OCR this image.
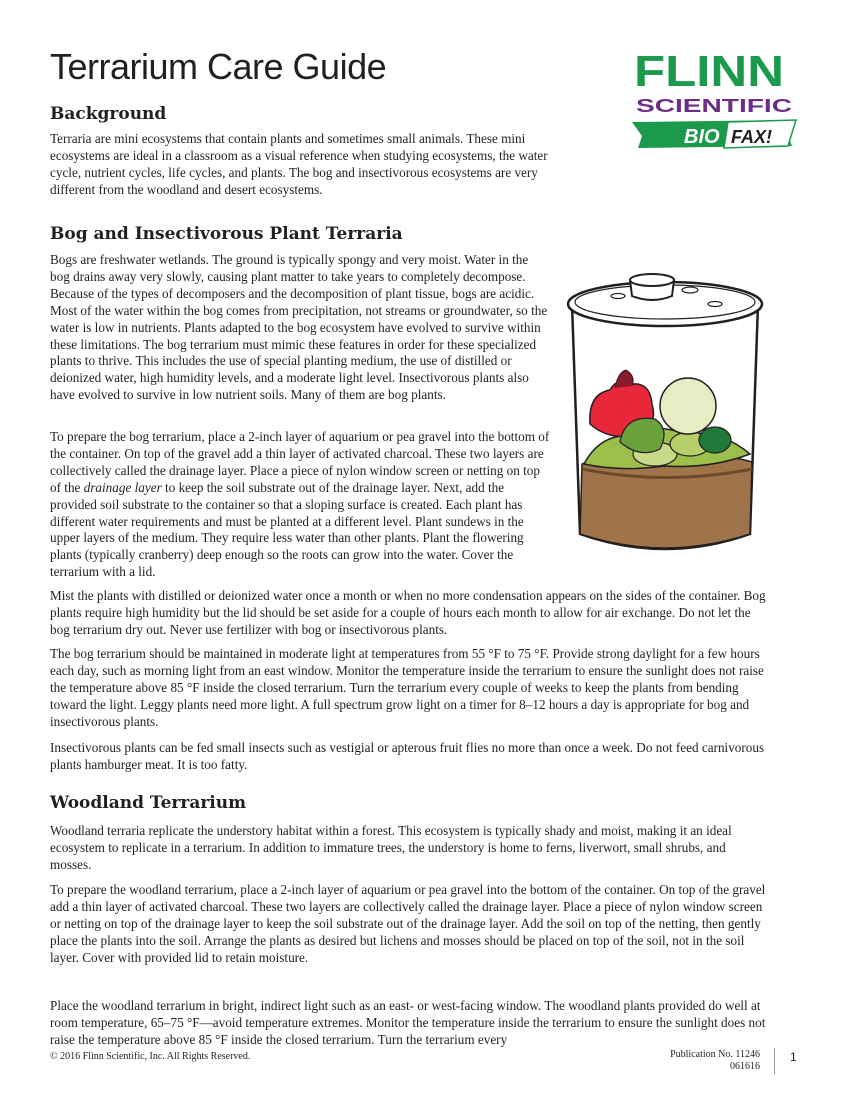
Terrarium Care Guide	FLINN
SCIENTIFIC
BIO FAX!
Background

Terraria are mini ecosystems that contain plants and sometimes small animals. These mini ecosystems are ideal in a classroom as a visual reference when studying ecosystems, the water cycle, nutrient cycles, life cycles, and plants. The bog and insectivorous ecosystems are very different from the woodland and desert ecosystems.

Bog and Insectivorous Plant Terraria

Bogs are freshwater wetlands. The ground is typically spongy and very moist. Water in the bog drains away very slowly, causing plant matter to take years to completely decompose. Because of the types of decomposers and the decomposition of plant tissue, bogs are acidic. Most of the water within the bog comes from precipitation, not streams or groundwater, so the water is low in nutrients. Plants adapted to the bog ecosystem have evolved to survive within these limitations. The bog terrarium must mimic these features in order for these specialized plants to thrive. This includes the use of special planting medium, the use of distilled or deionized water, high humidity levels, and a moderate light level. Insectivorous plants also have evolved to survive in low nutrient soils. Many of them are bog plants.

To prepare the bog terrarium, place a 2-inch layer of aquarium or pea gravel into the bottom of the container. On top of the gravel add a thin layer of activated charcoal. These two layers are collectively called the drainage layer. Place a piece of nylon window screen or netting on top of the drainage layer to keep the soil substrate out of the drainage layer. Next, add the provided soil substrate to the container so that a sloping surface is created. Each plant has different water requirements and must be planted at a different level. Plant sundews in the upper layers of the medium. They require less water than other plants. Plant the flowering plants (typically cranberry) deep enough so the roots can grow into the water. Cover the terrarium with a lid.

Mist the plants with distilled or deionized water once a month or when no more condensation appears on the sides of the container. Bog plants require high humidity but the lid should be set aside for a couple of hours each month to allow for air exchange. Do not let the bog terrarium dry out. Never use fertilizer with bog or insectivorous plants.

The bog terrarium should be maintained in moderate light at temperatures from 55 °F to 75 °F. Provide strong daylight for a few hours each day, such as morning light from an east window. Monitor the temperature inside the terrarium to ensure the sunlight does not raise the temperature above 85 °F inside the closed terrarium. Turn the terrarium every couple of weeks to keep the plants from bending toward the light. Leggy plants need more light. A full spectrum grow light on a timer for 8–12 hours a day is appropriate for bog and insectivorous plants.

Insectivorous plants can be fed small insects such as vestigial or apterous fruit flies no more than once a week. Do not feed carnivorous plants hamburger meat. It is too fatty.

Woodland Terrarium

Woodland terraria replicate the understory habitat within a forest. This ecosystem is typically shady and moist, making it an ideal ecosystem to replicate in a terrarium. In addition to immature trees, the understory is home to ferns, liverwort, small shrubs, and mosses.

To prepare the woodland terrarium, place a 2-inch layer of aquarium or pea gravel into the bottom of the container. On top of the gravel add a thin layer of activated charcoal. These two layers are collectively called the drainage layer. Place a piece of nylon window screen or netting on top of the drainage layer to keep the soil substrate out of the drainage layer. Add the soil on top of the netting, then gently place the plants into the soil. Arrange the plants as desired but lichens and mosses should be placed on top of the soil, not in the soil layer. Cover with provided lid to retain moisture.

Place the woodland terrarium in bright, indirect light such as an east- or west-facing window. The woodland plants provided do well at room temperature, 65–75 °F—avoid temperature extremes. Monitor the temperature inside the terrarium to ensure the sunlight does not raise the temperature above 85 °F inside the closed terrarium. Turn the terrarium every

© 2016 Flinn Scientific, Inc. All Rights Reserved.	Publication No. 11246
061616
1
